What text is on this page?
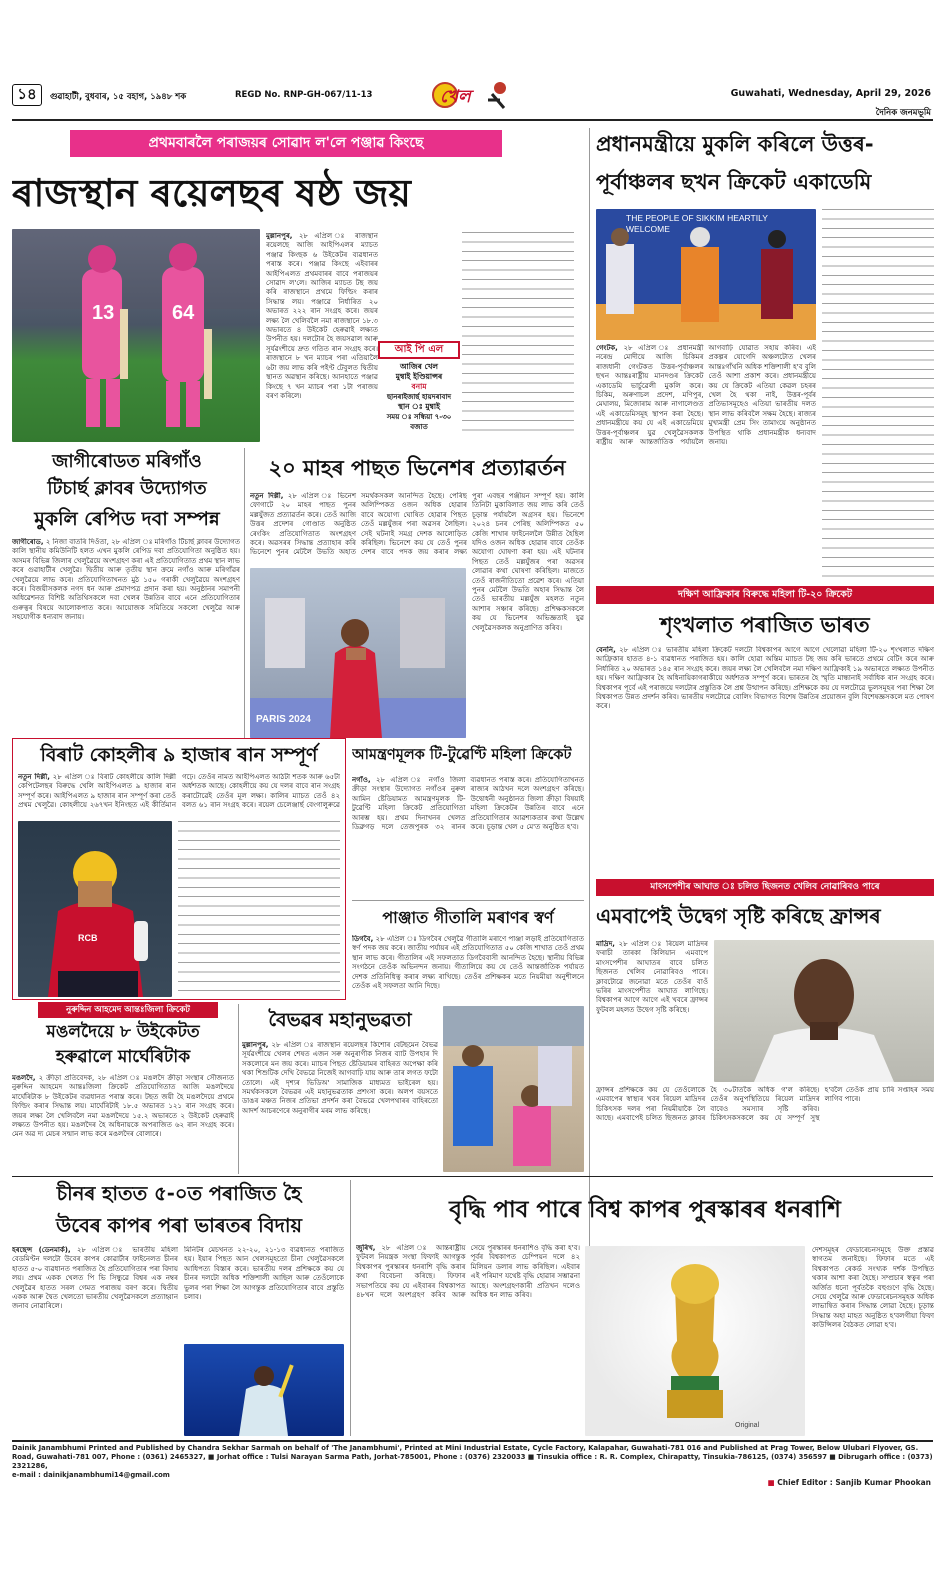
১৪	গুৱাহাটী, বুধবাৰ, ১৫ বহাগ, ১৯৪৮ শক	REGD No. RNP-GH-067/11-13	খেল	Guwahati, Wednesday, April 29, 2026
দৈনিক জনমভূমি
প্ৰথমবাৰলৈ পৰাজয়ৰ সোৱাদ ল'লে পঞ্জাৱ কিংছে
ৰাজস্থান ৰয়েলছৰ ষষ্ঠ জয়
13	64
মুল্লানপুৰ, ২৮ এপ্ৰিল ঃ ৰাজস্থান ৰয়েলছে আজি আইপিএলৰ ম্যাচত পঞ্জাৱ কিংছক ৬ উইকেটৰ ব্যৱধানত পৰাস্ত কৰে। পঞ্জাৱ কিংছে এইবাৰৰ আইপিএলত প্ৰথমবাৰৰ বাবে পৰাজয়ৰ সোৱাদ ল'লে। আজিৰ ম্যাচত টছ জয় কৰি ৰাজস্থানে প্ৰথমে ফিল্ডিং কৰাৰ সিদ্ধান্ত লয়। পঞ্জাৱে নিৰ্ধাৰিত ২০ অভাৰত ২২২ ৰান সংগ্ৰহ কৰে। জয়ৰ লক্ষ্য লৈ খেলিবলৈ নমা ৰাজস্থানে ১৮.৩ অভাৰতে ৪ উইকেট হেৰুৱাই লক্ষ্যত উপনীত হয়। দলটোৰ হৈ জয়সৱাল আৰু সূৰ্যৱংশীয়ে দ্ৰুত গতিত ৰান সংগ্ৰহ কৰে। ৰাজস্থানে ৮ খন ম্যাচৰ পৰা এতিয়ালৈ ৬টা জয় লাভ কৰি পইণ্ট টেবুলত দ্বিতীয় স্থানত অৱস্থান কৰিছে। আনহাতে পঞ্জাৱ কিংছে ৭ খন ম্যাচৰ পৰা ১টা পৰাজয় বৰণ কৰিলে।
আই পি এল
আজিৰ খেল
মুম্বাই ইণ্ডিয়ান্সৰ
বনাম
ছানৰাইজাৰ্ছ হায়দৰাবাদ
স্থান ঃ মুম্বাই
সময় ঃ সন্ধিয়া ৭-৩০ বজাত
প্ৰধানমন্ত্ৰীয়ে মুকলি কৰিলে উত্তৰ-
পূৰ্বাঞ্চলৰ ছখন ক্ৰিকেট একাডেমি
THE PEOPLE OF SIKKIM HEARTILY WELCOME
গেংটক, ২৮ এপ্ৰিল ঃ প্ৰধানমন্ত্ৰী নৰেন্দ্ৰ মোদীয়ে আজি চিকিমৰ ৰাজধানী গেংটকত উত্তৰ-পূৰ্বাঞ্চলৰ ছখন আন্তঃৰাষ্ট্ৰীয় মানদণ্ডৰ ক্ৰিকেট একাডেমি ভাৰ্চুৱেলী মুকলি কৰে। চিকিম, অৰুণাচল প্ৰদেশ, মণিপুৰ, মেঘালয়, মিজোৰাম আৰু নাগালেণ্ডত এই একাডেমিসমূহ স্থাপন কৰা হৈছে। প্ৰধানমন্ত্ৰীয়ে কয় যে এই একাডেমিয়ে উত্তৰ-পূৰ্বাঞ্চলৰ যুৱ খেলুৱৈসকলক ৰাষ্ট্ৰীয় আৰু আন্তৰ্জাতিক পৰ্যায়লৈ আগবাঢ়ি যোৱাত সহায় কৰিব। এই প্ৰকল্পৰ যোগেদি অঞ্চলটোত খেলৰ আন্তঃগাঁথনি অধিক শক্তিশালী হ'ব বুলি তেওঁ আশা প্ৰকাশ কৰে। প্ৰধানমন্ত্ৰীয়ে কয় যে ক্ৰিকেট এতিয়া কেৱল চহৰৰ খেল হৈ থকা নাই, উত্তৰ-পূৰ্বৰ প্ৰতিভাসমূহেও এতিয়া ভাৰতীয় দলত স্থান লাভ কৰিবলৈ সক্ষম হৈছে। ৰাজ্যৰ মুখ্যমন্ত্ৰী প্ৰেম সিং তামাংয়ে অনুষ্ঠানত উপস্থিত থাকি প্ৰধানমন্ত্ৰীক ধন্যবাদ জনায়।
জাগীৰোডত মৰিগাঁও
টিচাৰ্ছ ক্লাবৰ উদ্যোগত
মুকলি ৰেপিড দবা সম্পন্ন
জাগীৰোড, ২ নিজা বাতৰি দিওঁতা, ২৮ এপ্ৰিল ঃ মৰিগাঁও টিচাৰ্ছ ক্লাবৰ উদ্যোগত কালি স্থানীয় কমিউনিটি হলত এখন মুকলি ৰেপিড দবা প্ৰতিযোগিতা অনুষ্ঠিত হয়। অসমৰ বিভিন্ন জিলাৰ খেলুৱৈয়ে অংশগ্ৰহণ কৰা এই প্ৰতিযোগিতাত প্ৰথম স্থান লাভ কৰে গুৱাহাটীৰ খেলুৱৈ। দ্বিতীয় আৰু তৃতীয় স্থান ক্ৰমে নগাঁও আৰু মৰিগাঁৱৰ খেলুৱৈয়ে লাভ কৰে। প্ৰতিযোগিতাখনত মুঠ ১৫০ গৰাকী খেলুৱৈয়ে অংশগ্ৰহণ কৰে। বিজয়ীসকলক নগদ ধন আৰু প্ৰমাণপত্ৰ প্ৰদান কৰা হয়। অনুষ্ঠানৰ সমাপনী অধিৱেশনত বিশিষ্ট অতিথিসকলে দবা খেলৰ উন্নতিৰ বাবে এনে প্ৰতিযোগিতাৰ গুৰুত্বৰ বিষয়ে আলোকপাত কৰে। আয়োজক সমিতিয়ে সকলো খেলুৱৈ আৰু সহযোগীক ধন্যবাদ জনায়।
২০ মাহৰ পাছত ভিনেশৰ প্ৰত্যাৱৰ্তন
নতুন দিল্লী, ২৮ এপ্ৰিল ঃ ভিনেশ ফোগাটে ২০ মাহৰ পাছত পুনৰ মল্লযুঁজত প্ৰত্যাৱৰ্তন কৰে। তেওঁ আজি উত্তৰ প্ৰদেশৰ গোণ্ডাত অনুষ্ঠিত ৰেংকিং প্ৰতিযোগিতাত অংশগ্ৰহণ কৰে। অৱসৰৰ সিদ্ধান্ত প্ৰত্যাহাৰ কৰি ভিনেশে পুনৰ মেটলৈ উভতি অহাত সমৰ্থকসকল আনন্দিত হৈছে। পেৰিছ অলিম্পিকত ওজন অধিক হোৱাৰ বাবে অযোগ্য ঘোষিত হোৱাৰ পিছত তেওঁ মল্লযুঁজৰ পৰা অৱসৰ লৈছিল। সেই ঘটনাই সমগ্ৰ দেশক আলোড়িত কৰিছিল। ভিনেশে কয় যে তেওঁ পুনৰ দেশৰ বাবে পদক জয় কৰাৰ লক্ষ্য
PARIS 2024
পুৰা এবছৰ পঞ্জীয়ন সম্পূৰ্ণ হয়। কালি তিনিটা মুকাবিলাত জয় লাভ কৰি তেওঁ চূড়ান্ত পৰ্যায়লৈ অগ্ৰসৰ হয়। ভিনেশে ২০২৪ চনৰ পেৰিছ অলিম্পিকত ৫০ কেজি শাখাৰ ফাইনেললৈ উন্নীত হৈছিল যদিও ওজন অধিক হোৱাৰ বাবে তেওঁক অযোগ্য ঘোষণা কৰা হয়। এই ঘটনাৰ পিছত তেওঁ মল্লযুঁজৰ পৰা অৱসৰ লোৱাৰ কথা ঘোষণা কৰিছিল। মাজতে তেওঁ ৰাজনীতিতো প্ৰৱেশ কৰে। এতিয়া পুনৰ মেটলৈ উভতি অহাৰ সিদ্ধান্ত লৈ তেওঁ ভাৰতীয় মল্লযুঁজ মহলত নতুন আশাৰ সঞ্চাৰ কৰিছে। প্ৰশিক্ষকসকলে কয় যে ভিনেশৰ অভিজ্ঞতাই যুৱ খেলুৱৈসকলক অনুপ্ৰাণিত কৰিব।
দক্ষিণ আফ্ৰিকাৰ বিৰুদ্ধে মহিলা টি-২০ ক্ৰিকেট
শৃংখলাত পৰাজিত ভাৰত
বেননি, ২৮ এপ্ৰিল ঃ ভাৰতীয় মহিলা ক্ৰিকেট দলটো বিশ্বকাপৰ আগে আগে খেলোৱা মহিলা টি-২০ শৃংখলাত দক্ষিণ আফ্ৰিকাৰ হাতত ৪-১ ব্যৱধানত পৰাজিত হয়। কালি হোৱা অন্তিম ম্যাচত টছ জয় কৰি ভাৰতে প্ৰথমে বেটিং কৰে আৰু নিৰ্ধাৰিত ২০ অভাৰত ১৪৫ ৰান সংগ্ৰহ কৰে। জয়ৰ লক্ষ্য লৈ খেলিবলৈ নমা দক্ষিণ আফ্ৰিকাই ১৯ অভাৰতে লক্ষ্যত উপনীত হয়। দক্ষিণ আফ্ৰিকাৰ হৈ অধিনায়িকাগৰাকীয়ে অৰ্ধশতক সম্পূৰ্ণ কৰে। ভাৰতৰ হৈ স্মৃতি মান্ধানাই সৰ্বাধিক ৰান সংগ্ৰহ কৰে। বিশ্বকাপৰ পূৰ্বে এই পৰাজয়ে দলটোৰ প্ৰস্তুতিক লৈ প্ৰশ্ন উত্থাপন কৰিছে। প্ৰশিক্ষকে কয় যে দলটোৱে ভুলসমূহৰ পৰা শিক্ষা লৈ বিশ্বকাপত উন্নত প্ৰদৰ্শন কৰিব। ভাৰতীয় দলটোৱে বোলিং বিভাগত বিশেষ উন্নতিৰ প্ৰয়োজন বুলি বিশেষজ্ঞসকলে মত পোষণ কৰে।
বিৰাট কোহলীৰ ৯ হাজাৰ ৰান সম্পূৰ্ণ
নতুন দিল্লী, ২৮ এপ্ৰিল ঃ বিৰাট কোহলীয়ে কালি দিল্লী কেপিটেলছৰ বিৰুদ্ধে খেলি আইপিএলত ৯ হাজাৰ ৰান সম্পূৰ্ণ কৰে। আইপিএলত ৯ হাজাৰ ৰান সম্পূৰ্ণ কৰা তেওঁ প্ৰথম খেলুৱৈ। কোহলীয়ে ২৬৭খন ইনিংছত এই কীৰ্তিমান গঢ়ে। তেওঁৰ নামত আইপিএলত আঠটা শতক আৰু ৬৫টা অৰ্ধশতক আছে। কোহলীয়ে কয় যে দলৰ বাবে ৰান সংগ্ৰহ কৰাটোৱেই তেওঁৰ মূল লক্ষ্য। কালিৰ ম্যাচত তেওঁ ৪২ বলত ৬১ ৰান সংগ্ৰহ কৰে। ৰয়েল চেলেঞ্জাৰ্ছ বেংগালুৰুৱে
RCB
আমন্ত্ৰণমূলক টি-টুৱেণ্টি মহিলা ক্ৰিকেট
নগাঁও, ২৮ এপ্ৰিল ঃ নগাঁও জিলা ক্ৰীড়া সংস্থাৰ উদ্যোগত নগাঁওৰ নুৰুল আমিন ষ্টেডিয়ামত আমন্ত্ৰণমূলক টি-টুৱেণ্টি মহিলা ক্ৰিকেট প্ৰতিযোগিতা আৰম্ভ হয়। প্ৰথম দিনাখনৰ খেলত ডিব্ৰুগড় দলে তেজপুৰক ৩২ ৰানৰ ব্যৱধানত পৰাস্ত কৰে। প্ৰতিযোগিতাখনত ৰাজ্যৰ আঠখন দলে অংশগ্ৰহণ কৰিছে। উদ্বোধনী অনুষ্ঠানত জিলা ক্ৰীড়া বিষয়াই মহিলা ক্ৰিকেটৰ উন্নতিৰ বাবে এনে প্ৰতিযোগিতাৰ আৱশ্যকতাৰ কথা উল্লেখ কৰে। চূড়ান্ত খেল ৫ মে'ত অনুষ্ঠিত হ'ব।
পাঞ্জাত গীতালি মৰাণৰ স্বৰ্ণ
ডিগবৈ, ২৮ এপ্ৰিল ঃ ডিগবৈৰ খেলুৱৈ গীতালি মৰাণে পাঞ্জা লড়াই প্ৰতিযোগিতাত স্বৰ্ণ পদক জয় কৰে। জাতীয় পৰ্যায়ৰ এই প্ৰতিযোগিতাত ৫০ কেজি শাখাত তেওঁ প্ৰথম স্থান লাভ কৰে। গীতালিৰ এই সফলতাত ডিগবৈবাসী আনন্দিত হৈছে। স্থানীয় বিভিন্ন সংগঠনে তেওঁক অভিনন্দন জনায়। গীতালিয়ে কয় যে তেওঁ আন্তৰ্জাতিক পৰ্যায়ত দেশক প্ৰতিনিধিত্ব কৰাৰ লক্ষ্য ৰাখিছে। তেওঁৰ প্ৰশিক্ষকৰ মতে নিয়মীয়া অনুশীলনে তেওঁক এই সফলতা আনি দিছে।
মাংসপেশীৰ আঘাত ঃ চলিত ছিজনত খেলিব নোৱাৰিবও পাৰে
এমবাপেই উদ্বেগ সৃষ্টি কৰিছে ফ্ৰান্সৰ
মাদ্ৰিদ, ২৮ এপ্ৰিল ঃ ৰিয়েল মাদ্ৰিদৰ ফৰাচী তাৰকা কিলিয়ান এমবাপে মাংসপেশীৰ আঘাতৰ বাবে চলিত ছিজনত খেলিব নোৱাৰিবও পাৰে। ক্লাবটোৱে জনোৱা মতে তেওঁৰ বাওঁ ভৰিৰ মাংসপেশীত আঘাত লাগিছে। বিশ্বকাপৰ আগে আগে এই খবৰে ফ্ৰান্সৰ ফুটবল মহলত উদ্বেগ সৃষ্টি কৰিছে।
ফ্ৰান্সৰ প্ৰশিক্ষকে কয় যে তেওঁলোকে এমবাপেৰ স্বাস্থ্যৰ খবৰ ৰিয়েল মাদ্ৰিদৰ চিকিৎসক দলৰ পৰা নিয়মীয়াকৈ লৈ আছে। এমবাপেই চলিত ছিজনত ক্লাবৰ হৈ ৩০টাতকৈ অধিক গ'ল কৰিছে। তেওঁৰ অনুপস্থিতিয়ে ৰিয়েল মাদ্ৰিদৰ বাবেও সমস্যাৰ সৃষ্টি কৰিব। চিকিৎসকসকলে কয় যে সম্পূৰ্ণ সুস্থ হ'বলৈ তেওঁক প্ৰায় চাৰি সপ্তাহৰ সময় লাগিব পাৰে।
নুৰুদ্দিন আহমেদ আন্তঃজিলা ক্ৰিকেট
মঙলদৈয়ে ৮ উইকেটত
হৰুৱালে মাৰ্ঘেৰিটাক
মঙলদৈ, ২ ক্ৰীড়া প্ৰতিবেদক, ২৮ এপ্ৰিল ঃ মঙলদৈ ক্ৰীড়া সংস্থাৰ সৌজন্যত নুৰুদ্দিন আহমেদ আন্তঃজিলা ক্ৰিকেট প্ৰতিযোগিতাত আজি মঙলদৈয়ে মাৰ্ঘেৰিটাক ৮ উইকেটৰ ব্যৱধানত পৰাস্ত কৰে। টছত জয়ী হৈ মঙলদৈয়ে প্ৰথমে ফিল্ডিং কৰাৰ সিদ্ধান্ত লয়। মাৰ্ঘেৰিটাই ১৮.৫ অভাৰত ১২১ ৰান সংগ্ৰহ কৰে। জয়ৰ লক্ষ্য লৈ খেলিবলৈ নমা মঙলদৈয়ে ১৫.২ অভাৰতে ২ উইকেট হেৰুৱাই লক্ষ্যত উপনীত হয়। মঙলদৈৰ হৈ অধিনায়কে অপৰাজিত ৬২ ৰান সংগ্ৰহ কৰে। মেন অৱ দ্য মেচৰ সন্মান লাভ কৰে মঙলদৈৰ বোলাৰে।
বৈভৱৰ মহানুভৱতা
মুল্লানপুৰ, ২৮ এপ্ৰিল ঃ ৰাজস্থান ৰয়েলছৰ কিশোৰ বেটছমেন বৈভৱ সূৰ্যৱংশীয়ে খেলৰ শেষত এজন সৰু অনুৰাগীক নিজৰ ব্যাট উপহাৰ দি সকলোৰে মন জয় কৰে। ম্যাচৰ পিছত ষ্টেডিয়ামৰ বাহিৰত অপেক্ষা কৰি থকা শিশুটিক দেখি বৈভৱে নিজেই আগবাঢ়ি যায় আৰু তাৰ লগত ফটো তোলে। এই দৃশ্যৰ ভিডিঅ' সামাজিক মাধ্যমত ভাইৰেল হয়। সমৰ্থকসকলে বৈভৱৰ এই মহানুভৱতাক প্ৰশংসা কৰে। অলপ বয়সতে ডাঙৰ মঞ্চত নিজৰ প্ৰতিভা প্ৰদৰ্শন কৰা বৈভৱে খেলপথাৰৰ বাহিৰতো আদৰ্শ আচৰণেৰে অনুৰাগীৰ মৰম লাভ কৰিছে।
চীনৰ হাতত ৫-০ত পৰাজিত হৈ
উবেৰ কাপৰ পৰা ভাৰতৰ বিদায়
হৰছেন্স (ডেনমাৰ্ক), ২৮ এপ্ৰিল ঃ ভাৰতীয় মহিলা বেডমিণ্টন দলটো উবেৰ কাপৰ কোৱাৰ্টাৰ ফাইনেলত চীনৰ হাতত ৫-০ ব্যৱধানত পৰাজিত হৈ প্ৰতিযোগিতাৰ পৰা বিদায় লয়। প্ৰথম একক খেলত পি ভি সিন্ধুৱে বিশ্বৰ এক নম্বৰ খেলুৱৈৰ হাতত সৰল গেমত পৰাজয় বৰণ কৰে। দ্বিতীয় একক আৰু দ্বৈত খেলতো ভাৰতীয় খেলুৱৈসকলে প্ৰত্যাহ্বান জনাব নোৱাৰিলে।
মিনিটৰ মেচখনত ২২-২০, ২১-১৩ ব্যৱধানত পৰাজিত হয়। ইয়াৰ পিছত আন খেলসমূহতো চীনা খেলুৱৈসকলে আধিপত্য বিস্তাৰ কৰে। ভাৰতীয় দলৰ প্ৰশিক্ষকে কয় যে চীনৰ দলটো অধিক শক্তিশালী আছিল আৰু তেওঁলোকে ভুলৰ পৰা শিক্ষা লৈ আগন্তুক প্ৰতিযোগিতাৰ বাবে প্ৰস্তুতি চলাব।
বৃদ্ধি পাব পাৰে বিশ্ব কাপৰ পুৰস্কাৰৰ ধনৰাশি
জুৰিখ, ২৮ এপ্ৰিল ঃ আন্তৰাষ্ট্ৰীয় ফুটবল নিয়ন্ত্ৰক সংস্থা ফিফাই আগন্তুক বিশ্বকাপৰ পুৰস্কাৰৰ ধনৰাশি বৃদ্ধি কৰাৰ কথা বিবেচনা কৰিছে। ফিফাৰ সভাপতিয়ে কয় যে এইবাৰৰ বিশ্বকাপত ৪৮খন দলে অংশগ্ৰহণ কৰিব আৰু সেয়ে পুৰস্কাৰৰ ধনৰাশিও বৃদ্ধি কৰা হ'ব। পূৰ্বৰ বিশ্বকাপত চেম্পিয়ন দলে ৪২ মিলিয়ন ডলাৰ লাভ কৰিছিল। এইবাৰ এই পৰিমাণ যথেষ্ট বৃদ্ধি হোৱাৰ সম্ভাৱনা আছে। অংশগ্ৰহণকাৰী প্ৰতিখন দলেও অধিক ধন লাভ কৰিব।
Original
দেশসমূহৰ ফেডাৰেচনসমূহে উক্ত প্ৰস্তাৱ স্বাগতম জনাইছে। ফিফাৰ মতে এই বিশ্বকাপত ৰেকৰ্ড সংখ্যক দৰ্শক উপস্থিত থকাৰ আশা কৰা হৈছে। সম্প্ৰচাৰ স্বত্বৰ পৰা অৰ্জিত ধনো পূৰ্বতকৈ বহুগুণে বৃদ্ধি হৈছে। সেয়ে খেলুৱৈ আৰু ফেডাৰেচনসমূহক অধিক লাভান্বিত কৰাৰ সিদ্ধান্ত লোৱা হৈছে। চূড়ান্ত সিদ্ধান্ত অহা মাহত অনুষ্ঠিত হ'বলগীয়া ফিফা কাউন্সিলৰ বৈঠকত লোৱা হ'ব।
Dainik Janambhumi Printed and Published by Chandra Sekhar Sarmah on behalf of 'The Janambhumi', Printed at Mini Industrial Estate, Cycle Factory, Kalapahar, Guwahati-781 016 and Published at Prag Tower, Below Ulubari Flyover, GS. Road, Guwahati-781 007, Phone : (0361) 2465327, ■ Jorhat office : Tulsi Narayan Sarma Path, Jorhat-785001, Phone : (0376) 2320033 ■ Tinsukia office : R. R. Complex, Chirapatty, Tinsukia-786125, (0374) 356597 ■ Dibrugarh office : (0373) 2321286,
e-mail : dainikjanambhumi14@gmail.com
■ Chief Editor : Sanjib Kumar Phookan
